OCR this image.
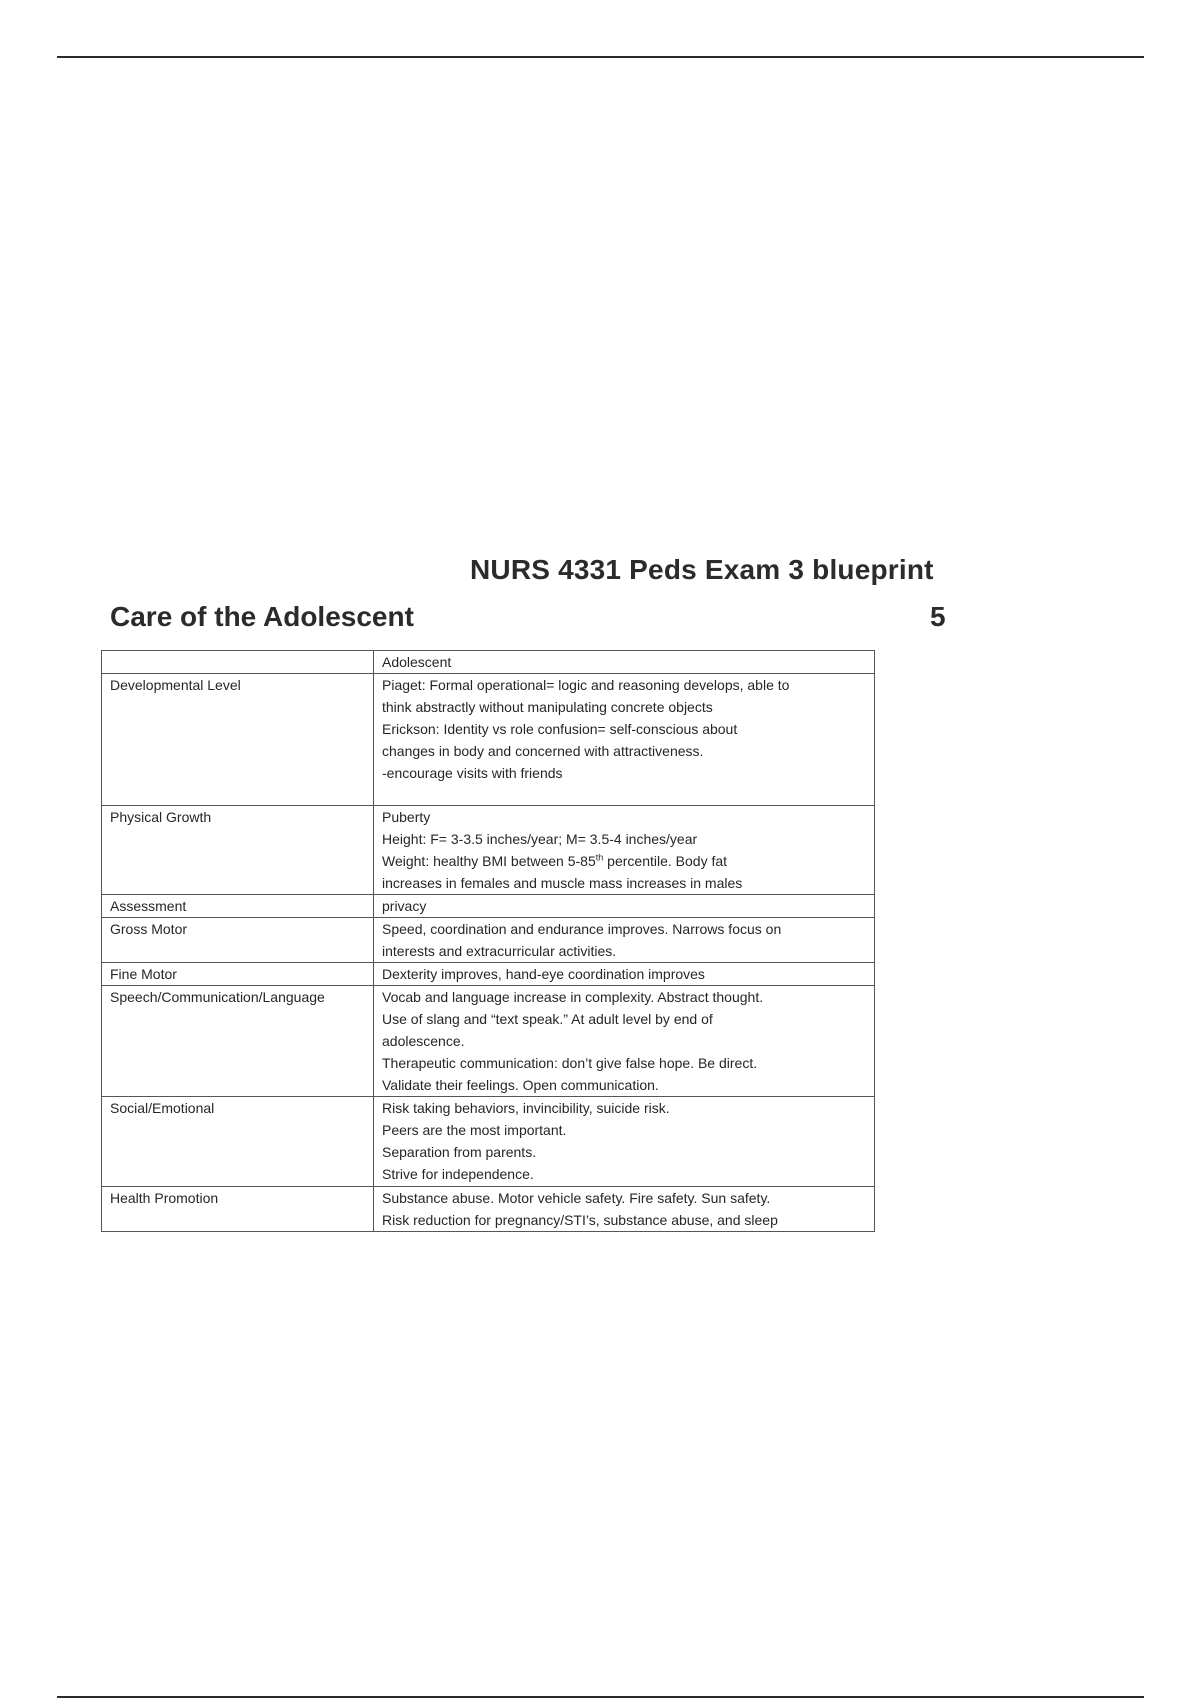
NURS 4331 Peds Exam 3 blueprint
Care of the Adolescent	5
	Adolescent
Developmental Level	Piaget: Formal operational= logic and reasoning develops, able to
think abstractly without manipulating concrete objects
Erickson: Identity vs role confusion= self-conscious about
changes in body and concerned with attractiveness.
-encourage visits with friends

Physical Growth	Puberty
Height: F= 3-3.5 inches/year; M= 3.5-4 inches/year
Weight: healthy BMI between 5-85th percentile. Body fat
increases in females and muscle mass increases in males

Assessment	privacy

Gross Motor	Speed, coordination and endurance improves. Narrows focus on
interests and extracurricular activities.

Fine Motor	Dexterity improves, hand-eye coordination improves

Speech/Communication/Language	Vocab and language increase in complexity. Abstract thought.
Use of slang and “text speak.” At adult level by end of
adolescence.
Therapeutic communication: don’t give false hope. Be direct.
Validate their feelings. Open communication.

Social/Emotional	Risk taking behaviors, invincibility, suicide risk.
Peers are the most important.
Separation from parents.
Strive for independence.

Health Promotion	Substance abuse. Motor vehicle safety. Fire safety. Sun safety.
Risk reduction for pregnancy/STI’s, substance abuse, and sleep
